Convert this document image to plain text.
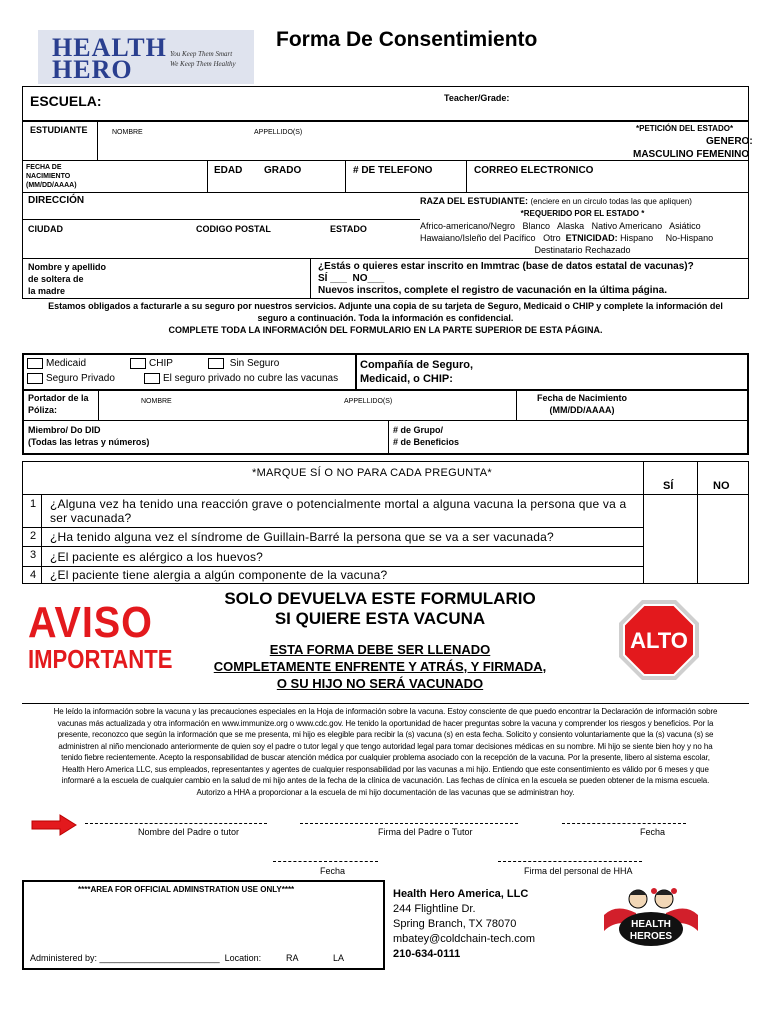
HEALTH
HERO
You Keep Them Smart
We Keep Them Healthy
Forma De Consentimiento
ESCUELA:	Teacher/Grade:
ESTUDIANTE	NOMBRE	APPELLIDO(S)	*PETICIÓN DEL ESTADO*
GENERO:
MASCULINO FEMENINO
FECHA DE NACIMIENTO (MM/DD/AAAA)
EDAD GRADO	# DE TELEFONO	CORREO ELECTRONICO
DIRECCIÓN	RAZA DEL ESTUDIANTE: (enciere en un circulo todas las que apliquen)
*REQUERIDO POR EL ESTADO *
Africo-americano/Negro   Blanco   Alaska   Nativo Americano   Asiático
Hawaiano/Isleño del Pacífico   Otro ETNICIDAD: Hispano     No-Hispano
Destinatario Rechazado
CIUDAD	CODIGO POSTAL	ESTADO
Nombre y apellido
de soltera de
la madre
¿Estás o quieres estar inscrito en Immtrac (base de datos estatal de vacunas)?
SÍ ___  NO___
Nuevos inscritos, complete el registro de vacunación en la última página.
Estamos obligados a facturarle a su seguro por nuestros servicios. Adjunte una copia de su tarjeta de Seguro, Medicaid o CHIP y complete la información del
seguro a continuación. Toda la información es confidencial.
COMPLETE TODA LA INFORMACIÓN DEL FORMULARIO EN LA PARTE SUPERIOR DE ESTA PÁGINA.
Medicaid	CHIP	Sin Seguro
Seguro Privado	El seguro privado no cubre las vacunas
Compañía de Seguro,
Medicaid, o CHIP:
Portador de la
Póliza:
NOMBRE	APPELLIDO(S)	Fecha de Nacimiento
(MM/DD/AAAA)
Miembro/ Do DID
(Todas las letras y números)
# de Grupo/
# de Beneficios
*MARQUE SÍ O NO PARA CADA PREGUNTA*
SÍ	NO
1 ¿Alguna vez ha tenido una reacción grave o potencialmente mortal a alguna vacuna la persona que va a
ser vacunada?
2 ¿Ha tenido alguna vez el síndrome de Guillain-Barré la persona que se va a ser vacunada?
3 ¿El paciente es alérgico a los huevos?
4 ¿El paciente tiene alergia a algún componente de la vacuna?
AVISO
IMPORTANTE
SOLO DEVUELVA ESTE FORMULARIO
SI QUIERE ESTA VACUNA
ESTA FORMA DEBE SER LLENADO
COMPLETAMENTE ENFRENTE Y ATRÁS, Y FIRMADA,
O SU HIJO NO SERÁ VACUNADO
ALTO
He leído la información sobre la vacuna y las precauciones especiales en la Hoja de información sobre la vacuna. Estoy consciente de que puedo encontrar la Declaración de información sobre
vacunas más actualizada y otra información en www.immunize.org o www.cdc.gov. He tenido la oportunidad de hacer preguntas sobre la vacuna y comprender los riesgos y beneficios. Por la
presente, reconozco que según la información que se me presenta, mi hijo es elegible para recibir la (s) vacuna (s) en esta fecha. Solicito y consiento voluntariamente que la (s) vacuna (s) se
administren al niño mencionado anteriormente de quien soy el padre o tutor legal y que tengo autoridad legal para tomar decisiones médicas en su nombre. Mi hijo se siente bien hoy y no ha
tenido fiebre recientemente. Acepto la responsabilidad de buscar atención médica por cualquier problema asociado con la recepción de la vacuna. Por la presente, libero al sistema escolar,
Health Hero America LLC, sus empleados, representantes y agentes de cualquier responsabilidad por las vacunas a mi hijo. Entiendo que este consentimiento es válido por 6 meses y que
informaré a la escuela de cualquier cambio en la salud de mi hijo antes de la fecha de la clínica de vacunación. Las fechas de clínica en la escuela se pueden obtener de la misma escuela.
Autorizo a HHA a proporcionar a la escuela de mi hijo documentación de las vacunas que se administran hoy.
Nombre del Padre o tutor	Firma del Padre o Tutor	Fecha
Fecha	Firma del personal de HHA
****AREA FOR OFFICIAL ADMINSTRATION USE ONLY****
Administered by: ________________________  Location:	RA	LA
Health Hero America, LLC
244 Flightline Dr.
Spring Branch, TX 78070
mbatey@coldchain-tech.com
210-634-0111
HEALTH
HEROES
